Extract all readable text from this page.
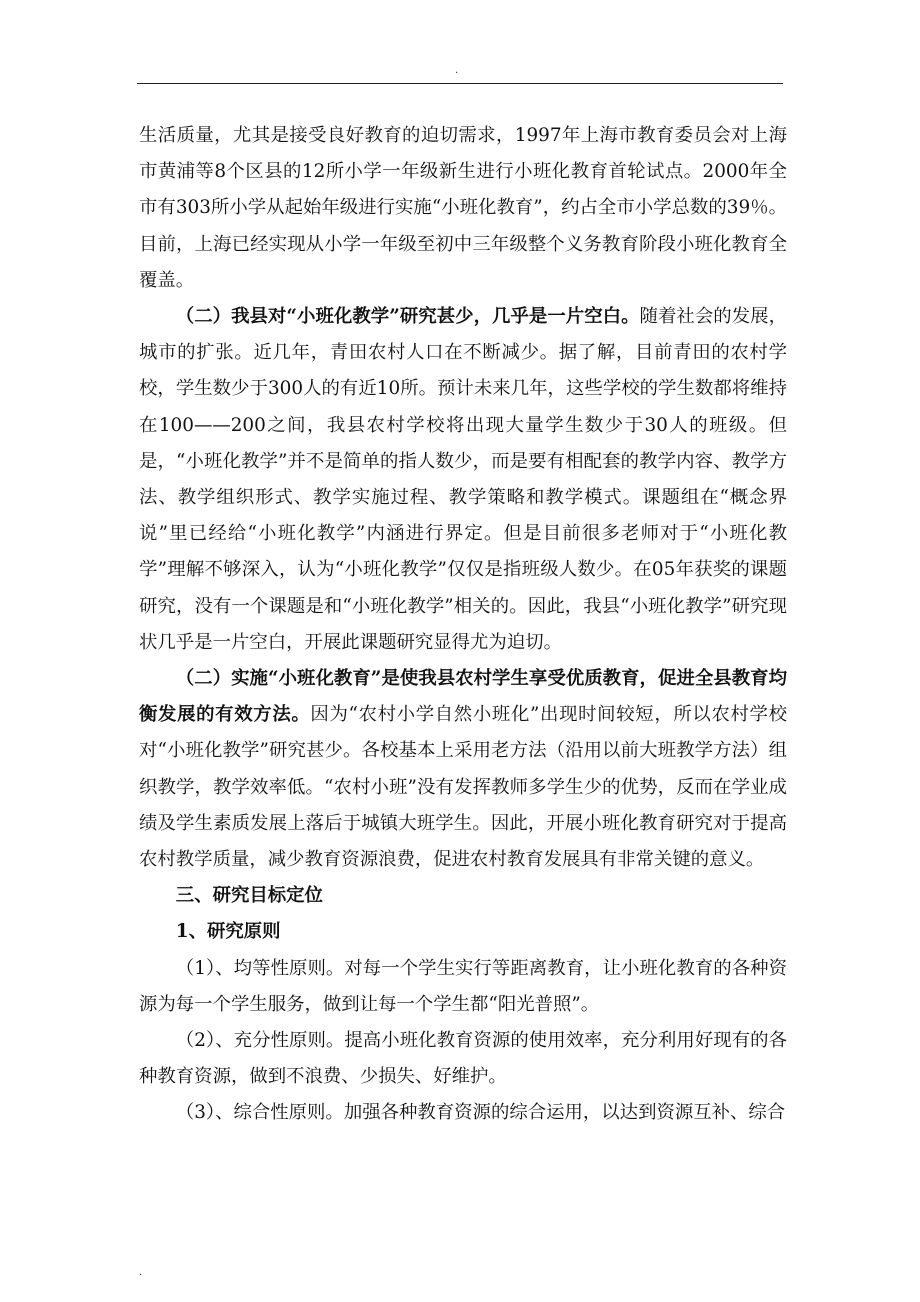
.

生活质量，尤其是接受良好教育的迫切需求，1997年上海市教育委员会对上海市黄浦等8个区县的12所小学一年级新生进行小班化教育首轮试点。2000年全市有303所小学从起始年级进行实施“小班化教育”，约占全市小学总数的39％。目前，上海已经实现从小学一年级至初中三年级整个义务教育阶段小班化教育全覆盖。

（二）我县对“小班化教学”研究甚少，几乎是一片空白。随着社会的发展，城市的扩张。近几年，青田农村人口在不断减少。据了解，目前青田的农村学校，学生数少于300人的有近10所。预计未来几年，这些学校的学生数都将维持在100——200之间，我县农村学校将出现大量学生数少于30人的班级。但是，“小班化教学”并不是简单的指人数少，而是要有相配套的教学内容、教学方法、教学组织形式、教学实施过程、教学策略和教学模式。课题组在“概念界说”里已经给“小班化教学”内涵进行界定。但是目前很多老师对于“小班化教学”理解不够深入，认为“小班化教学”仅仅是指班级人数少。在05年获奖的课题研究，没有一个课题是和“小班化教学”相关的。因此，我县“小班化教学”研究现状几乎是一片空白，开展此课题研究显得尤为迫切。

（二）实施“小班化教育”是使我县农村学生享受优质教育，促进全县教育均衡发展的有效方法。因为“农村小学自然小班化”出现时间较短，所以农村学校对“小班化教学”研究甚少。各校基本上采用老方法（沿用以前大班教学方法）组织教学，教学效率低。“农村小班”没有发挥教师多学生少的优势，反而在学业成绩及学生素质发展上落后于城镇大班学生。因此，开展小班化教育研究对于提高农村教学质量，减少教育资源浪费，促进农村教育发展具有非常关键的意义。

三、研究目标定位

1、研究原则

（1）、均等性原则。对每一个学生实行等距离教育，让小班化教育的各种资源为每一个学生服务，做到让每一个学生都“阳光普照”。

（2）、充分性原则。提高小班化教育资源的使用效率，充分利用好现有的各种教育资源，做到不浪费、少损失、好维护。

（3）、综合性原则。加强各种教育资源的综合运用，以达到资源互补、综合

.
